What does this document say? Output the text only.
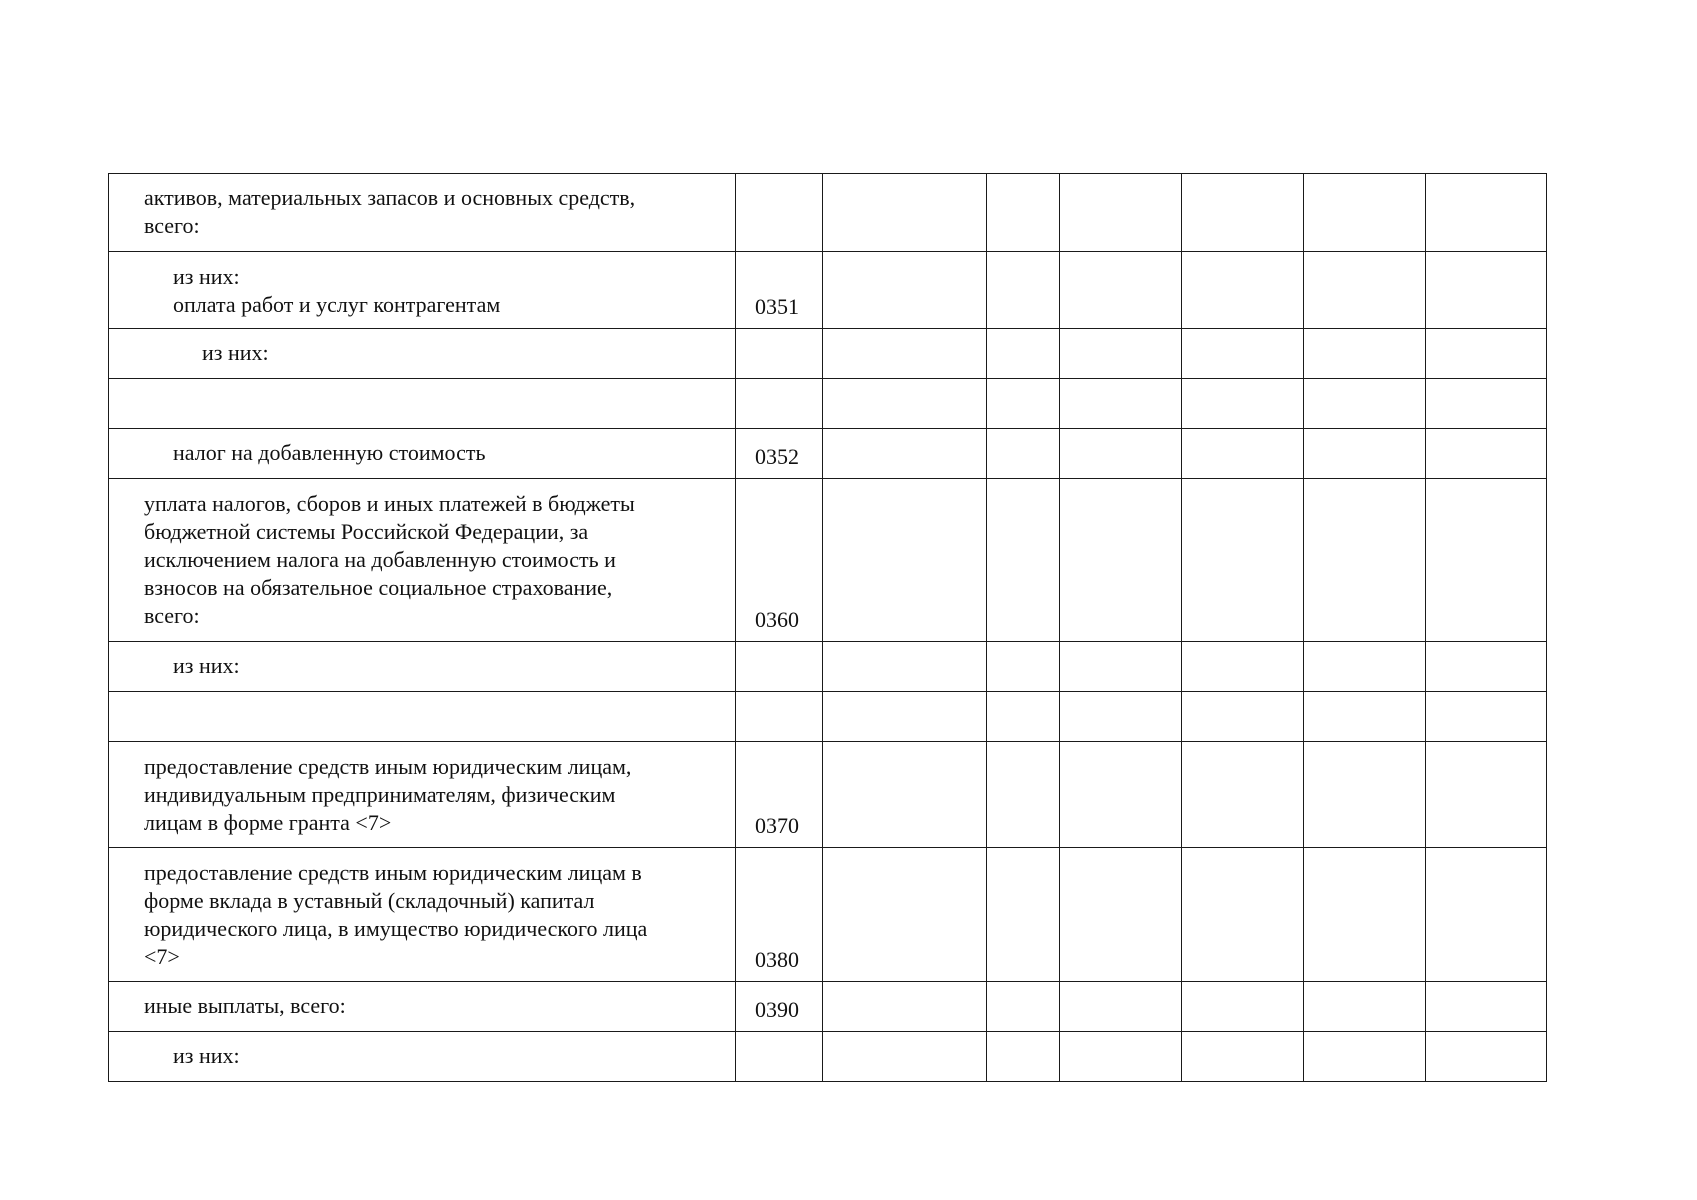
активов, материальных запасов и основных средств,
всего:							

из них:
оплата работ и услуг контрагентам	0351						

из них:							

налог на добавленную стоимость	0352						

уплата налогов, сборов и иных платежей в бюджеты
бюджетной системы Российской Федерации, за
исключением налога на добавленную стоимость и
взносов на обязательное социальное страхование,
всего:	0360						

из них:							

предоставление средств иным юридическим лицам,
индивидуальным предпринимателям, физическим
лицам в форме гранта <7>	0370						

предоставление средств иным юридическим лицам в
форме вклада в уставный (складочный) капитал
юридического лица, в имущество юридического лица
<7>	0380						

иные выплаты, всего:	0390						

из них:							
